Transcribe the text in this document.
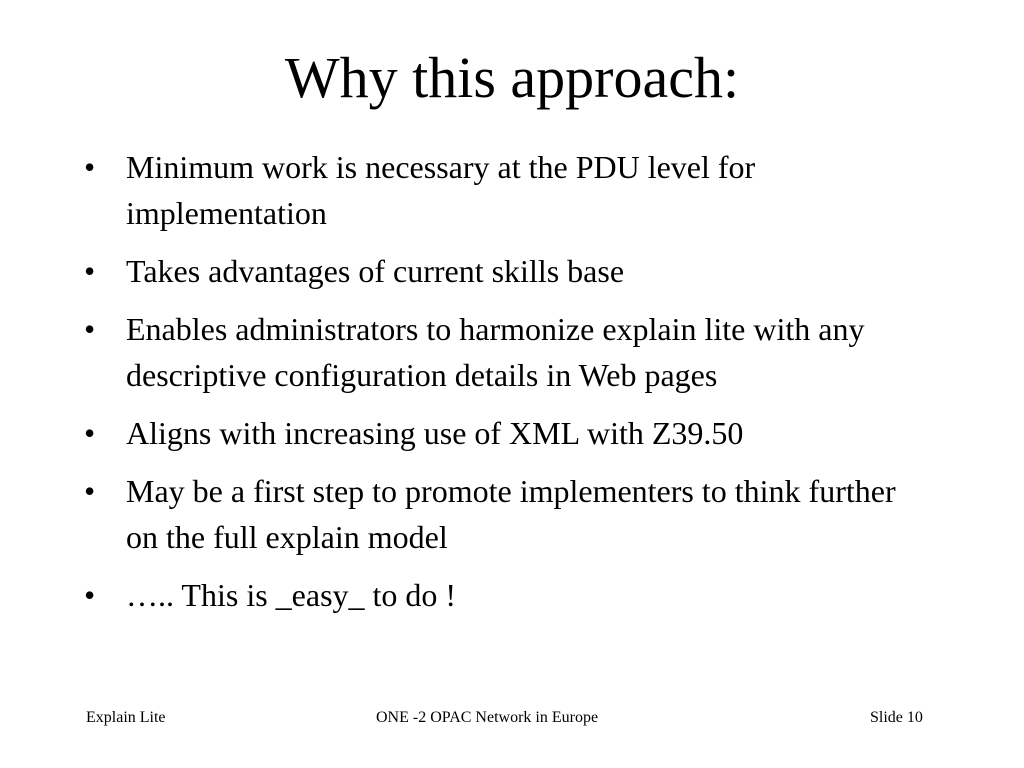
Why this approach:
• Minimum work is necessary at the PDU level for implementation
• Takes advantages of current skills base
• Enables administrators to harmonize explain lite with any descriptive configuration details in Web pages
• Aligns with increasing use of XML with Z39.50
• May be a first step to promote implementers to think further on the full explain model
• ….. This is _easy_ to do !
Explain Lite	ONE -2 OPAC Network in Europe	Slide 10
